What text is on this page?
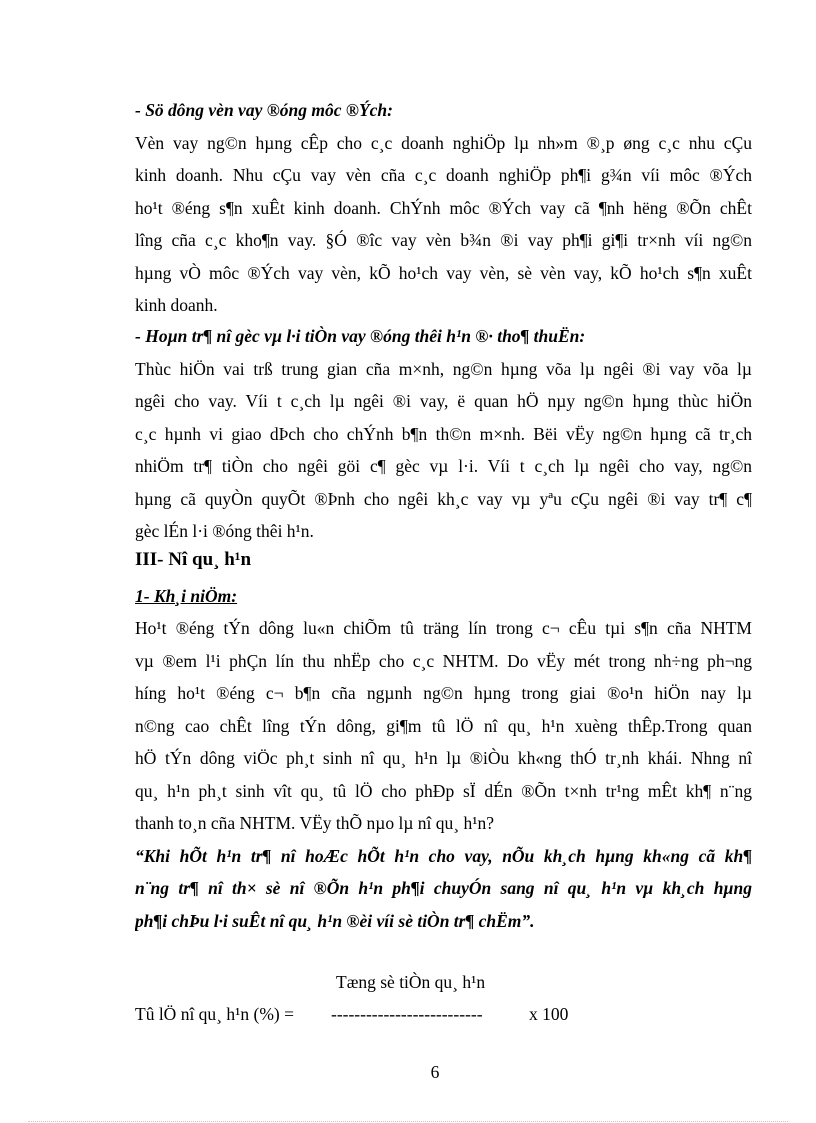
- Sö dông vèn vay ®óng môc ®Ých:
Vèn vay ng©n hµng cÊp cho c¸c doanh nghiÖp lµ nh»m ®¸p øng c¸c nhu cÇu
kinh doanh. Nhu cÇu vay vèn cña c¸c doanh nghiÖp ph¶i g¾n víi môc ®Ých
ho¹t ®éng s¶n xuÊt kinh doanh. ChÝnh môc ®Ých vay cã ¶nh hëng ®Õn chÊt
lîng cña c¸c kho¶n vay. §Ó ®îc vay vèn b¾n ®i vay ph¶i gi¶i tr×nh víi ng©n
hµng vÒ môc ®Ých vay vèn, kÕ ho¹ch vay vèn, sè vèn vay, kÕ ho¹ch s¶n xuÊt
kinh doanh.
- Hoµn tr¶ nî gèc vµ l·i tiÒn vay ®óng thêi h¹n ®· tho¶ thuËn:
Thùc hiÖn vai trß trung gian cña m×nh, ng©n hµng võa lµ ngêi ®i vay võa lµ
ngêi cho vay. Víi t c¸ch lµ ngêi ®i vay, ë quan hÖ nµy ng©n hµng thùc hiÖn
c¸c hµnh vi giao dÞch cho chÝnh b¶n th©n m×nh. Bëi vËy ng©n hµng cã tr¸ch
nhiÖm tr¶ tiÒn cho ngêi göi c¶ gèc vµ l·i. Víi t c¸ch lµ ngêi cho vay, ng©n
hµng cã quyÒn quyÕt ®Þnh cho ngêi kh¸c vay vµ yªu cÇu ngêi ®i vay tr¶ c¶
gèc lÉn l·i ®óng thêi h¹n.
III- Nî qu¸ h¹n
1- Kh¸i niÖm:
Ho¹t ®éng tÝn dông lu«n chiÕm tû träng lín trong c¬ cÊu tµi s¶n cña NHTM
vµ ®em l¹i phÇn lín thu nhËp cho c¸c NHTM. Do vËy mét trong nh÷ng ph¬ng
híng ho¹t ®éng c¬ b¶n cña ngµnh ng©n hµng trong giai ®o¹n hiÖn nay lµ
n©ng cao chÊt lîng tÝn dông, gi¶m tû lÖ nî qu¸ h¹n xuèng thÊp.Trong quan
hÖ tÝn dông viÖc ph¸t sinh nî qu¸ h¹n lµ ®iÒu kh«ng thÓ tr¸nh khái. Nhng nî
qu¸ h¹n ph¸t sinh vît qu¸ tû lÖ cho phÐp sÏ dÉn ®Õn t×nh tr¹ng mÊt kh¶ n¨ng
thanh to¸n cña NHTM. VËy thÕ nµo lµ nî qu¸ h¹n?
“Khi hÕt h¹n tr¶ nî hoÆc hÕt h¹n cho vay, nÕu kh¸ch hµng kh«ng cã kh¶
n¨ng tr¶ nî th× sè nî ®Õn h¹n ph¶i chuyÓn sang nî qu¸ h¹n vµ kh¸ch hµng
ph¶i chÞu l·i suÊt nî qu¸ h¹n ®èi víi sè tiÒn tr¶ chËm”.
Tæng sè tiÒn qu¸ h¹n
Tû lÖ nî qu¸ h¹n (%) = --------------------------	x 100
6
